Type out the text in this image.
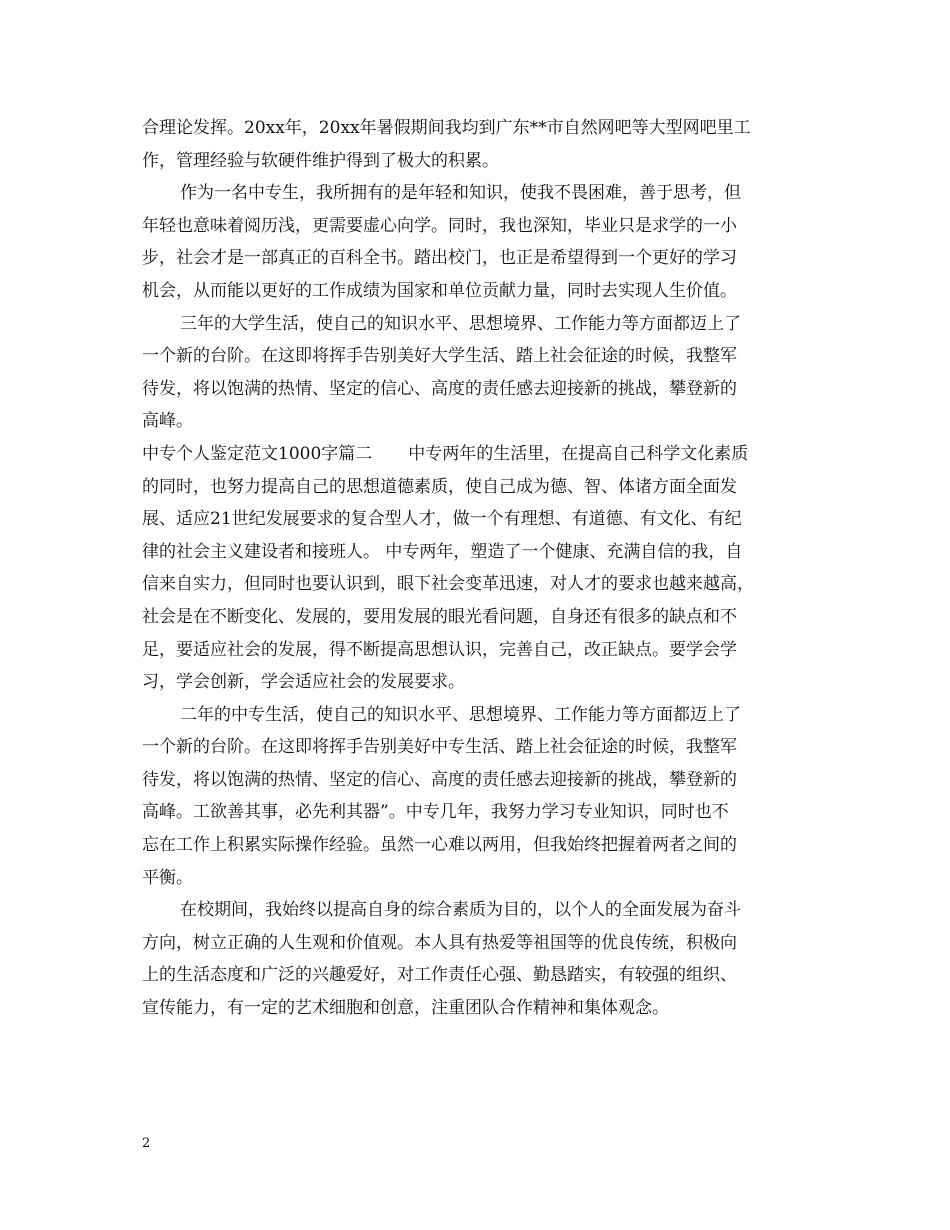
合理论发挥。20xx年，20xx年暑假期间我均到广东**市自然网吧等大型网吧里工
作，管理经验与软硬件维护得到了极大的积累。
作为一名中专生，我所拥有的是年轻和知识，使我不畏困难，善于思考，但
年轻也意味着阅历浅，更需要虚心向学。同时，我也深知，毕业只是求学的一小
步，社会才是一部真正的百科全书。踏出校门，也正是希望得到一个更好的学习
机会，从而能以更好的工作成绩为国家和单位贡献力量，同时去实现人生价值。
三年的大学生活，使自己的知识水平、思想境界、工作能力等方面都迈上了
一个新的台阶。在这即将挥手告别美好大学生活、踏上社会征途的时候，我整军
待发，将以饱满的热情、坚定的信心、高度的责任感去迎接新的挑战，攀登新的
高峰。
中专个人鉴定范文1000字篇二 中专两年的生活里，在提高自己科学文化素质
的同时，也努力提高自己的思想道德素质，使自己成为德、智、体诸方面全面发
展、适应21世纪发展要求的复合型人才，做一个有理想、有道德、有文化、有纪
律的社会主义建设者和接班人。 中专两年，塑造了一个健康、充满自信的我，自
信来自实力，但同时也要认识到，眼下社会变革迅速，对人才的要求也越来越高，
社会是在不断变化、发展的，要用发展的眼光看问题，自身还有很多的缺点和不
足，要适应社会的发展，得不断提高思想认识，完善自己，改正缺点。要学会学
习，学会创新，学会适应社会的发展要求。
二年的中专生活，使自己的知识水平、思想境界、工作能力等方面都迈上了
一个新的台阶。在这即将挥手告别美好中专生活、踏上社会征途的时候，我整军
待发，将以饱满的热情、坚定的信心、高度的责任感去迎接新的挑战，攀登新的
高峰。工欲善其事，必先利其器”。中专几年，我努力学习专业知识，同时也不
忘在工作上积累实际操作经验。虽然一心难以两用，但我始终把握着两者之间的
平衡。
在校期间，我始终以提高自身的综合素质为目的，以个人的全面发展为奋斗
方向，树立正确的人生观和价值观。本人具有热爱等祖国等的优良传统，积极向
上的生活态度和广泛的兴趣爱好，对工作责任心强、勤恳踏实，有较强的组织、
宣传能力，有一定的艺术细胞和创意，注重团队合作精神和集体观念。
2
